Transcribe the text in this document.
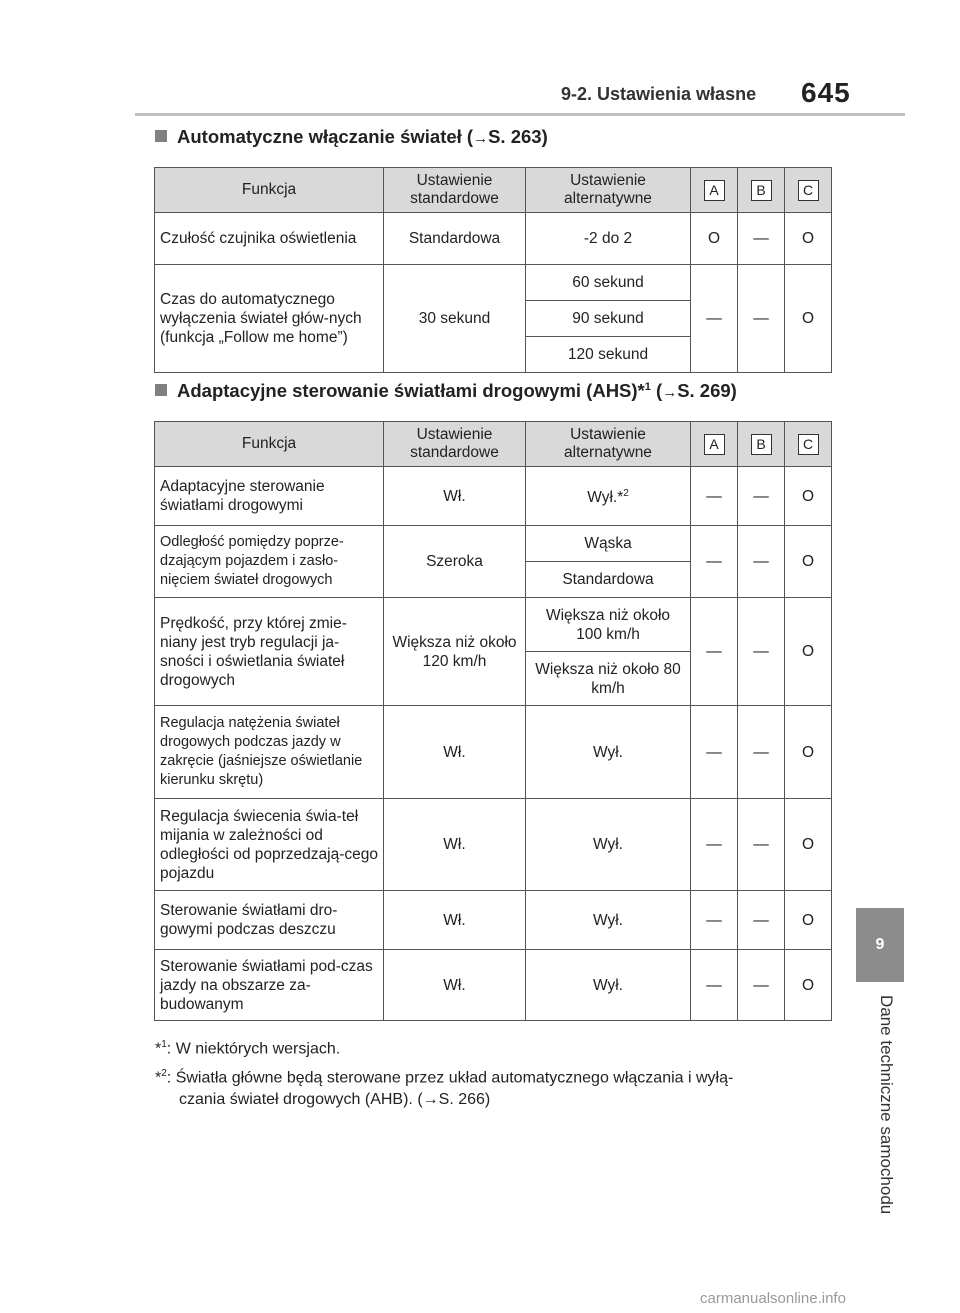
9-2. Ustawienia własne 645
9
Dane techniczne samochodu
Automatyczne włączanie świateł (→S. 263)
Funkcja	Ustawienie standardowe	Ustawienie alternatywne	A	B	C
Czułość czujnika oświetlenia	Standardowa	-2 do 2	O	—	O
Czas do automatycznego wyłączenia świateł głów-nych (funkcja „Follow me home”)	30 sekund	60 sekund	—	—	O
		90 sekund			
		120 sekund			
Adaptacyjne sterowanie światłami drogowymi (AHS)*$^1$ (→S. 269)
Funkcja	Ustawienie standardowe	Ustawienie alternatywne	A	B	C
Adaptacyjne sterowanie światłami drogowymi	Wł.	Wył.*$^2$	—	—	O
Odległość pomiędzy poprze-dzającym pojazdem i zasło-nięciem świateł drogowych	Szeroka	Wąska	—	—	O
		Standardowa			
Prędkość, przy której zmie-niany jest tryb regulacji ja-sności i oświetlania świateł drogowych	Większa niż około 120 km/h	Większa niż około 100 km/h	—	—	O
		Większa niż około 80 km/h			
Regulacja natężenia świateł drogowych podczas jazdy w zakręcie (jaśniejsze oświetlanie kierunku skrętu)	Wł.	Wył.	—	—	O
Regulacja świecenia świa-teł mijania w zależności od odległości od poprzedzają-cego pojazdu	Wł.	Wył.	—	—	O
Sterowanie światłami dro-gowymi podczas deszczu	Wł.	Wył.	—	—	O
Sterowanie światłami pod-czas jazdy na obszarze za-budowanym	Wł.	Wył.	—	—	O
*$^1$: W niektórych wersjach.
*$^2$: Światła główne będą sterowane przez układ automatycznego włączania i wyłą-
czania świateł drogowych (AHB). (→S. 266)
carmanualsonline.info
